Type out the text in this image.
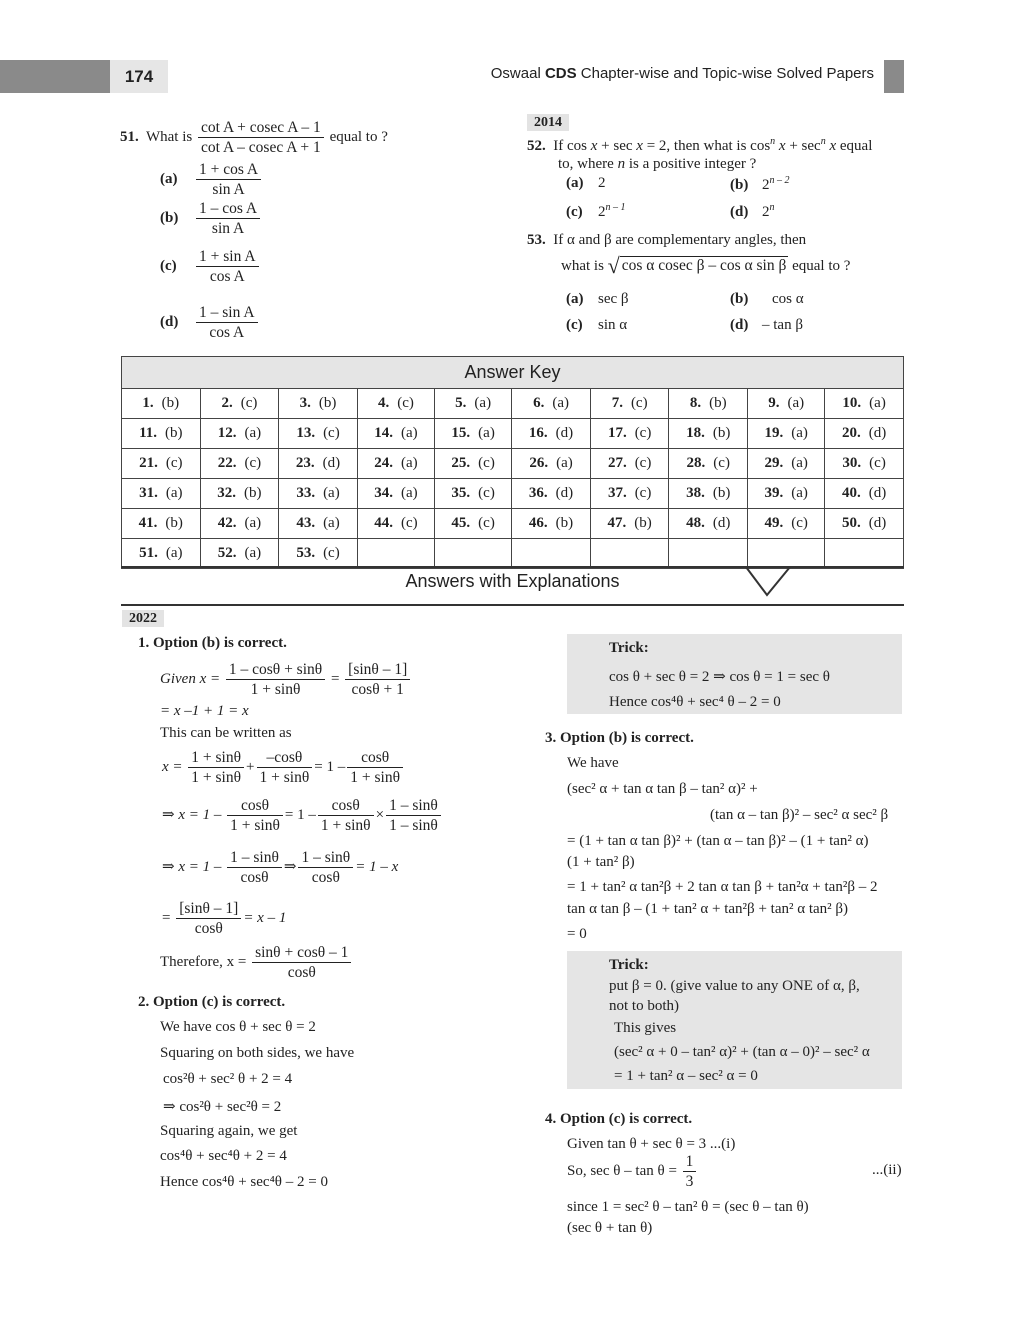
174	Oswaal CDS Chapter-wise and Topic-wise Solved Papers
51. What is $\frac{\text{cot A + cosec A – 1}}{\text{cot A – cosec A + 1}}$ equal to ?
$(a) \frac{\text{1 + cos A}}{\text{sin A}}$
$(b) \frac{\text{1 – cos A}}{\text{sin A}}$
$(c) \frac{\text{1 + sin A}}{\text{cos A}}$
$(d) \frac{\text{1 – sin A}}{\text{cos A}}$
2014
52. If cos x + sec x = 2, then what is $\cos^n x + \sec^n x$ equal
to, where n is a positive integer ?
(a) 2	(b) 2$^{n - 2}$
(c) 2$^{n - 1}$	(d) 2$^n$
53. If α and β are complementary angles, then
what is √ cos α cosec β – cos α sin β equal to ?
(a) sec β	(b) cos α
(c) sin α	(d) – tan β
Answer Key									
1. (b)	2. (c)	3. (b)	4. (c)	5. (a)	6. (a)	7. (c)	8. (b)	9. (a)	10. (a)
11. (b)	12. (a)	13. (c)	14. (a)	15. (a)	16. (d)	17. (c)	18. (b)	19. (a)	20. (d)
21. (c)	22. (c)	23. (d)	24. (a)	25. (c)	26. (a)	27. (c)	28. (c)	29. (a)	30. (c)
31. (a)	32. (b)	33. (a)	34. (a)	35. (c)	36. (d)	37. (c)	38. (b)	39. (a)	40. (d)
41. (b)	42. (a)	43. (a)	44. (c)	45. (c)	46. (b)	47. (b)	48. (d)	49. (c)	50. (d)
51. (a)	52. (a)	53. (c)							
Answers with Explanations
2022
1. Option (b) is correct.
Given $x = \frac{1 - \cos\theta + \sin\theta}{1 + \sin\theta} = \frac{[\sin\theta - 1]}{\cos\theta + 1}$
= x –1 + 1 = x
This can be written as
$x = \frac{1 + \sin\theta}{1 + \sin\theta} + \frac{-\cos\theta}{1 + \sin\theta} = 1 - \frac{\cos\theta}{1 + \sin\theta}$
⇒ $x = 1 - \frac{\cos\theta}{1 + \sin\theta} = 1 - \frac{\cos\theta}{1 + \sin\theta} \times \frac{1 - \sin\theta}{1 - \sin\theta}$
⇒ $x = 1 - \frac{1 - \sin\theta}{\cos\theta}$ ⇒ $\frac{1 - \sin\theta}{\cos\theta} = 1 - x$
= $\frac{[\sin\theta - 1]}{\cos\theta} = x - 1$
Therefore, $x = \frac{\sin\theta + \cos\theta - 1}{\cos\theta}$
2. Option (c) is correct.
We have cos θ + sec θ = 2
Squaring on both sides, we have
cos²θ + sec² θ + 2 = 4
⇒ cos²θ + sec²θ = 2
Squaring again, we get
cos⁴θ + sec⁴θ + 2 = 4
Hence cos⁴θ + sec⁴θ – 2 = 0
Trick:
cos θ + sec θ = 2 ⇒ cos θ = 1 = sec θ
Hence cos⁴θ + sec⁴ θ – 2 = 0
3. Option (b) is correct.
We have
(sec² α + tan α tan β – tan² α)² +
(tan α – tan β)² – sec² α sec² β
= (1 + tan α tan β)² + (tan α – tan β)² – (1 + tan² α)
(1 + tan² β)
= 1 + tan² α tan²β + 2 tan α tan β + tan²α + tan²β – 2
tan α tan β – (1 + tan² α + tan²β + tan² α tan² β)
= 0
Trick:
put β = 0. (give value to any ONE of α, β,
not to both)
This gives
(sec² α + 0 – tan² α)² + (tan α – 0)² – sec² α
= 1 + tan² α – sec² α = 0
4. Option (c) is correct.
Given tan θ + sec θ = 3 ...(i)
So, $\sec \theta - \tan \theta = \frac{1}{3}$	...(ii)
since 1 = sec² θ – tan² θ = (sec θ – tan θ)
(sec θ + tan θ)
